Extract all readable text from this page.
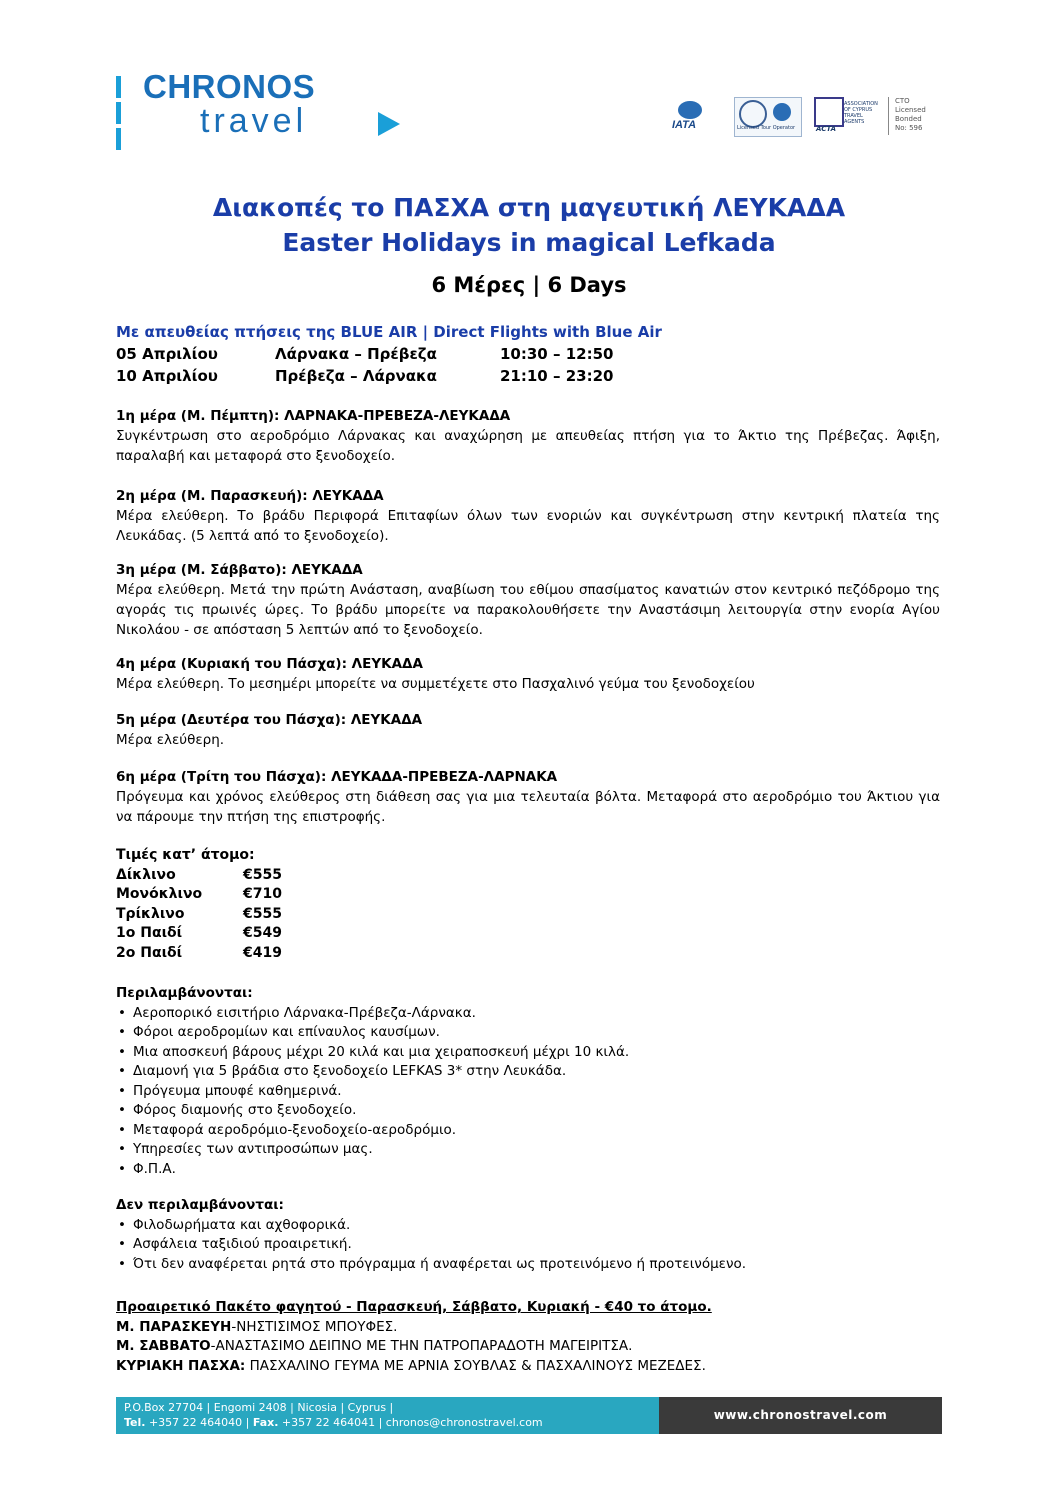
CHRONOS
travel	IATA	Licensed Tour Operator
ASSOCIATION OF CYPRUS TRAVEL AGENTS
ACTA
CTO
Licensed
Bonded
No: 596
Διακοπές το ΠΑΣΧΑ στη μαγευτική ΛΕΥΚΑΔΑ
Easter Holidays in magical Lefkada
6 Μέρες | 6 Days
Με απευθείας πτήσεις της BLUE AIR | Direct Flights with Blue Air
05 Απριλίου	Λάρνακα – Πρέβεζα	10:30 – 12:50
10 Απριλίου	Πρέβεζα – Λάρνακα	21:10 – 23:20
1η μέρα (Μ. Πέμπτη): ΛΑΡΝΑΚΑ-ΠΡΕΒΕΖΑ-ΛΕΥΚΑΔΑ
Συγκέντρωση στο αεροδρόμιο Λάρνακας και αναχώρηση με απευθείας πτήση για το Άκτιο της Πρέβεζας. Άφιξη, παραλαβή και μεταφορά στο ξενοδοχείο.
2η μέρα (Μ. Παρασκευή): ΛΕΥΚΑΔΑ
Μέρα ελεύθερη. Το βράδυ Περιφορά Επιταφίων όλων των ενοριών και συγκέντρωση στην κεντρική πλατεία της Λευκάδας. (5 λεπτά από το ξενοδοχείο).
3η μέρα (Μ. Σάββατο): ΛΕΥΚΑΔΑ
Μέρα ελεύθερη. Μετά την πρώτη Ανάσταση, αναβίωση του εθίμου σπασίματος κανατιών στον κεντρικό πεζόδρομο της αγοράς τις πρωινές ώρες. Το βράδυ μπορείτε να παρακολουθήσετε την Αναστάσιμη λειτουργία στην ενορία Αγίου Νικολάου - σε απόσταση 5 λεπτών από το ξενοδοχείο.
4η μέρα (Κυριακή του Πάσχα): ΛΕΥΚΑΔΑ
Μέρα ελεύθερη. Το μεσημέρι μπορείτε να συμμετέχετε στο Πασχαλινό γεύμα του ξενοδοχείου
5η μέρα (Δευτέρα του Πάσχα): ΛΕΥΚΑΔΑ
Μέρα ελεύθερη.
6η μέρα (Τρίτη του Πάσχα): ΛΕΥΚΑΔΑ-ΠΡΕΒΕΖΑ-ΛΑΡΝΑΚΑ
Πρόγευμα και χρόνος ελεύθερος στη διάθεση σας για μια τελευταία βόλτα. Μεταφορά στο αεροδρόμιο του Άκτιου για να πάρουμε την πτήση της επιστροφής.
Τιμές κατ’ άτομο:
Δίκλινο	€555
Μονόκλινο	€710
Τρίκλινο	€555
1ο Παιδί	€549
2ο Παιδί	€419
Περιλαμβάνονται:
• Αεροπορικό εισιτήριο Λάρνακα-Πρέβεζα-Λάρνακα.
• Φόροι αεροδρομίων και επίναυλος καυσίμων.
• Μια αποσκευή βάρους μέχρι 20 κιλά και μια χειραποσκευή μέχρι 10 κιλά.
• Διαμονή για 5 βράδια στο ξενοδοχείο LEFKAS 3* στην Λευκάδα.
• Πρόγευμα μπουφέ καθημερινά.
• Φόρος διαμονής στο ξενοδοχείο.
• Μεταφορά αεροδρόμιο-ξενοδοχείο-αεροδρόμιο.
• Υπηρεσίες των αντιπροσώπων μας.
• Φ.Π.Α.
Δεν περιλαμβάνονται:
• Φιλοδωρήματα και αχθοφορικά.
• Ασφάλεια ταξιδιού προαιρετική.
• Ότι δεν αναφέρεται ρητά στο πρόγραμμα ή αναφέρεται ως προτεινόμενο ή προτεινόμενο.
Προαιρετικό Πακέτο φαγητού - Παρασκευή, Σάββατο, Κυριακή - €40 το άτομο.
Μ. ΠΑΡΑΣΚΕΥΗ-ΝΗΣΤΙΣΙΜΟΣ ΜΠΟΥΦΕΣ.
Μ. ΣΑΒΒΑΤΟ-ΑΝΑΣΤΑΣΙΜΟ ΔΕΙΠΝΟ ΜΕ ΤΗΝ ΠΑΤΡΟΠΑΡΑΔΟΤΗ ΜΑΓΕΙΡΙΤΣΑ.
ΚΥΡΙΑΚΗ ΠΑΣΧΑ: ΠΑΣΧΑΛΙΝΟ ΓΕΥΜΑ ΜΕ ΑΡΝΙΑ ΣΟΥΒΛΑΣ & ΠΑΣΧΑΛΙΝΟΥΣ ΜΕΖΕΔΕΣ.
P.O.Box 27704 | Engomi 2408 | Nicosia | Cyprus |
Tel. +357 22 464040 | Fax. +357 22 464041 | chronos@chronostravel.com
www.chronostravel.com
